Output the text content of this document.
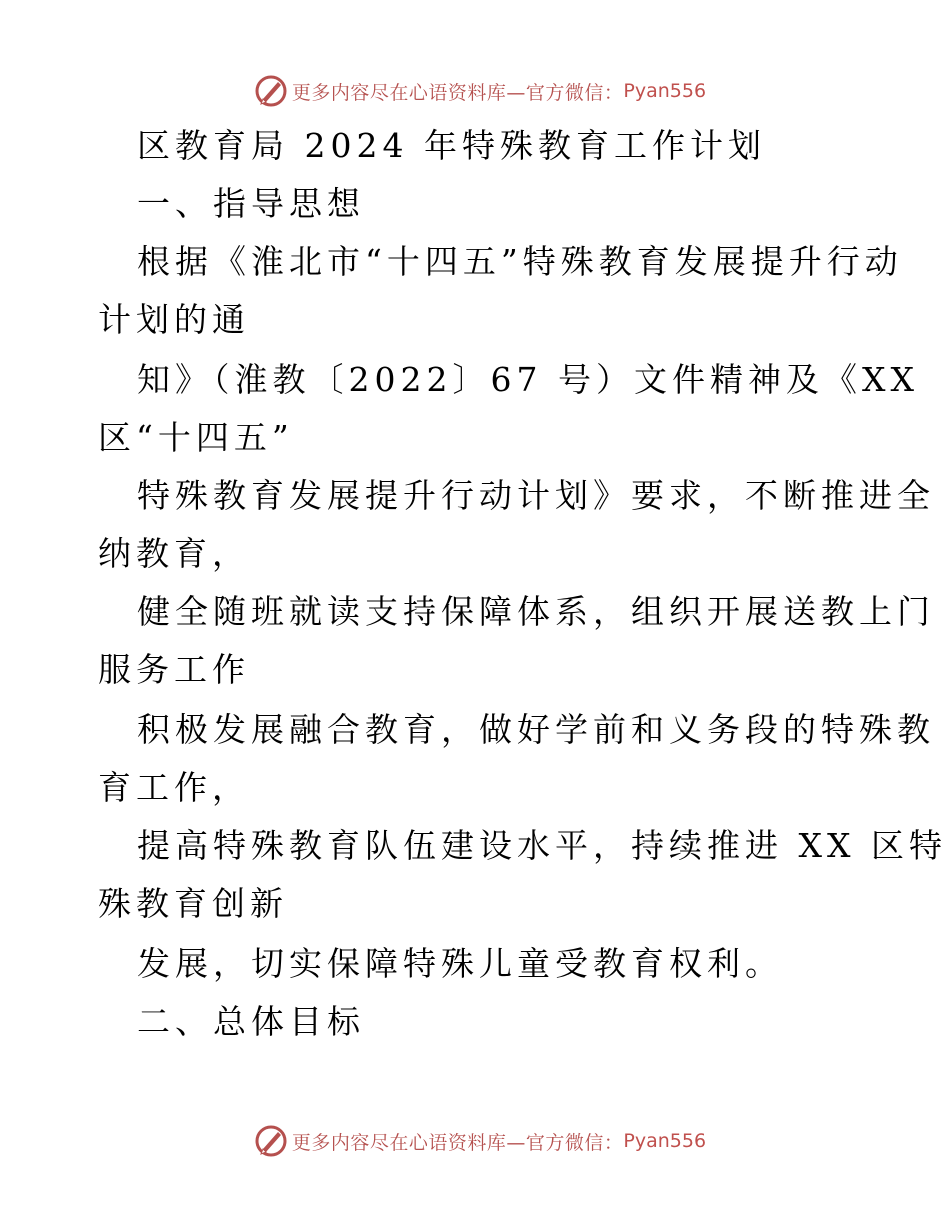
更多内容尽在心语资料库—官方微信： Pyan556
区教育局 2024 年特殊教育工作计划
一、指导思想
根据《淮北市“十四五”特殊教育发展提升行动
计划的通
知》（淮教〔2022〕67 号）文件精神及《XX
区“十四五”
特殊教育发展提升行动计划》要求，不断推进全
纳教育，
健全随班就读支持保障体系，组织开展送教上门
服务工作
积极发展融合教育，做好学前和义务段的特殊教
育工作，
提高特殊教育队伍建设水平，持续推进 XX 区特
殊教育创新
发展，切实保障特殊儿童受教育权利。
二、总体目标
更多内容尽在心语资料库—官方微信： Pyan556
